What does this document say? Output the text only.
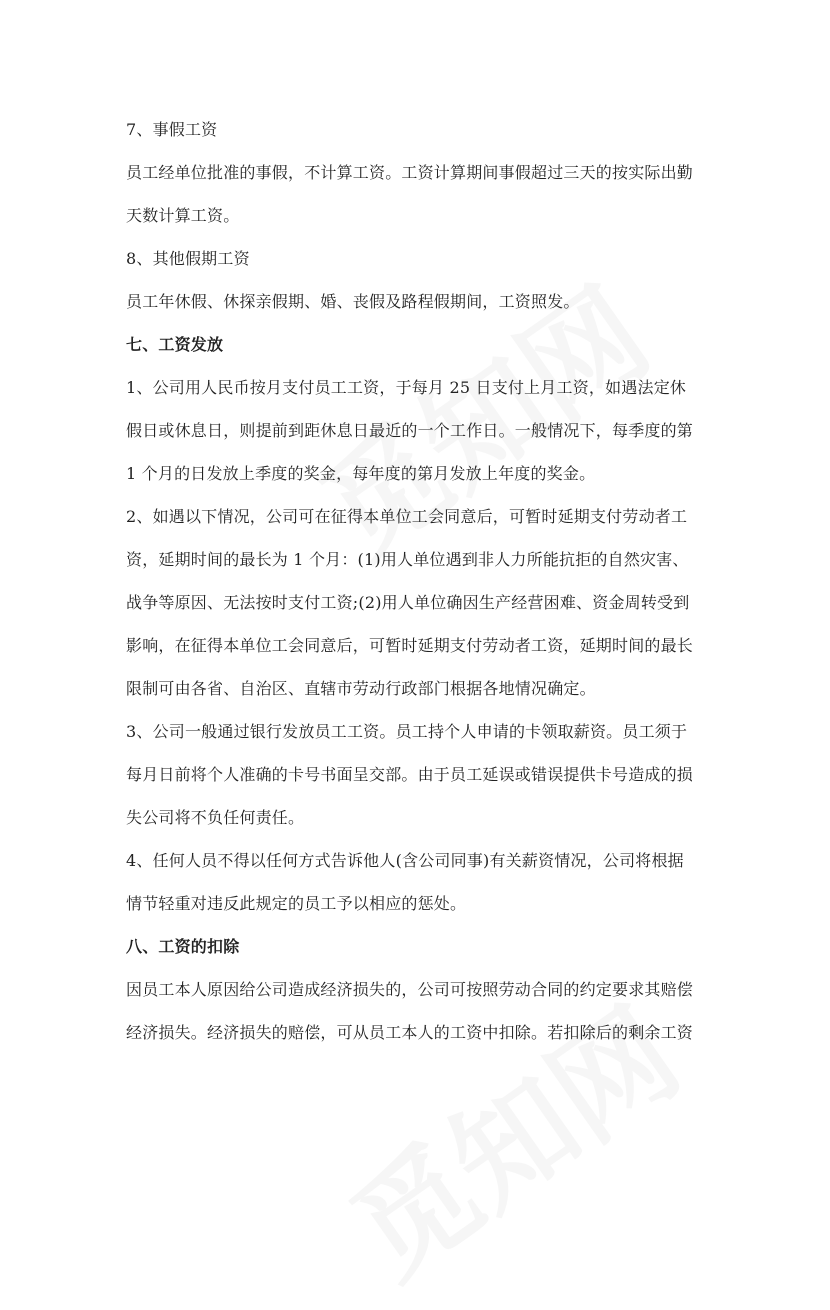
7、事假工资
员工经单位批准的事假，不计算工资。工资计算期间事假超过三天的按实际出勤
天数计算工资。
8、其他假期工资
员工年休假、休探亲假期、婚、丧假及路程假期间，工资照发。
七、工资发放
1、公司用人民币按月支付员工工资，于每月 25 日支付上月工资，如遇法定休
假日或休息日，则提前到距休息日最近的一个工作日。一般情况下，每季度的第
1 个月的日发放上季度的奖金，每年度的第月发放上年度的奖金。
2、如遇以下情况，公司可在征得本单位工会同意后，可暂时延期支付劳动者工
资，延期时间的最长为 1 个月：(1)用人单位遇到非人力所能抗拒的自然灾害、
战争等原因、无法按时支付工资;(2)用人单位确因生产经营困难、资金周转受到
影响，在征得本单位工会同意后，可暂时延期支付劳动者工资，延期时间的最长
限制可由各省、自治区、直辖市劳动行政部门根据各地情况确定。
3、公司一般通过银行发放员工工资。员工持个人申请的卡领取薪资。员工须于
每月日前将个人准确的卡号书面呈交部。由于员工延误或错误提供卡号造成的损
失公司将不负任何责任。
4、任何人员不得以任何方式告诉他人(含公司同事)有关薪资情况，公司将根据
情节轻重对违反此规定的员工予以相应的惩处。
八、工资的扣除
因员工本人原因给公司造成经济损失的，公司可按照劳动合同的约定要求其赔偿
经济损失。经济损失的赔偿，可从员工本人的工资中扣除。若扣除后的剩余工资
